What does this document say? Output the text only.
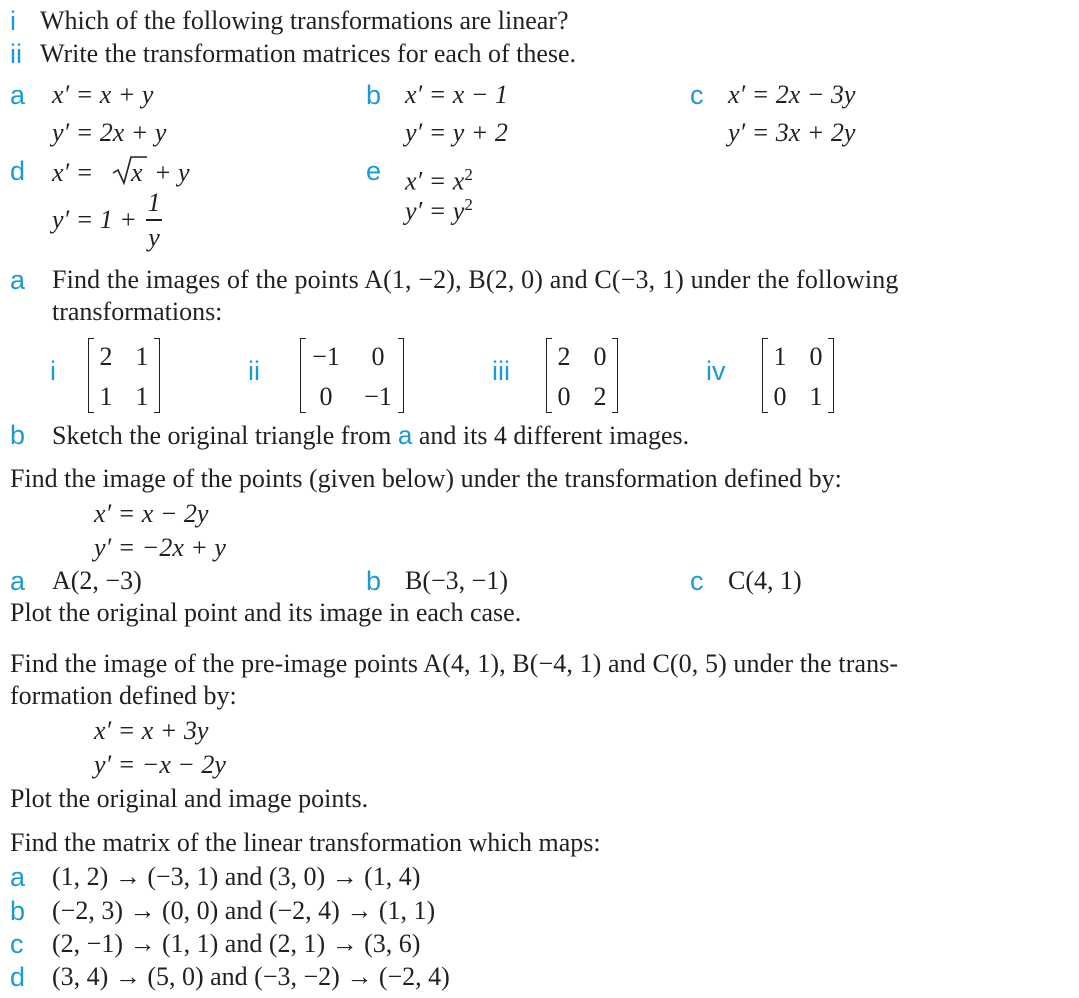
i Which of the following transformations are linear?
ii Write the transformation matrices for each of these.
a x′ = x + y
y′ = 2x + y
b x′ = x − 1
y′ = y + 2
c x′ = 2x − 3y
y′ = 3x + 2y
d x′ = x + y
y′ = 1 +
1
y
e $x' = x^2$
$y' = y^2$
a Find the images of the points A(1, −2), B(2, 0) and C(−3, 1) under the following
transformations:
i	2 1
1 1
ii	−1	0
0	−1
iii	2 0
0 2
iv	1 0
0 1
b Sketch the original triangle from a and its 4 different images.
Find the image of the points (given below) under the transformation defined by:
x′ = x − 2y
y′ = −2x + y
a A(2, −3)	b B(−3, −1)	c C(4, 1)
Plot the original point and its image in each case.
Find the image of the pre-image points A(4, 1), B(−4, 1) and C(0, 5) under the trans-
formation defined by:
x′ = x + 3y
y′ = −x − 2y
Plot the original and image points.
Find the matrix of the linear transformation which maps:
a (1, 2) → (−3, 1) and (3, 0) → (1, 4)
b (−2, 3) → (0, 0) and (−2, 4) → (1, 1)
c (2, −1) → (1, 1) and (2, 1) → (3, 6)
d (3, 4) → (5, 0) and (−3, −2) → (−2, 4)
